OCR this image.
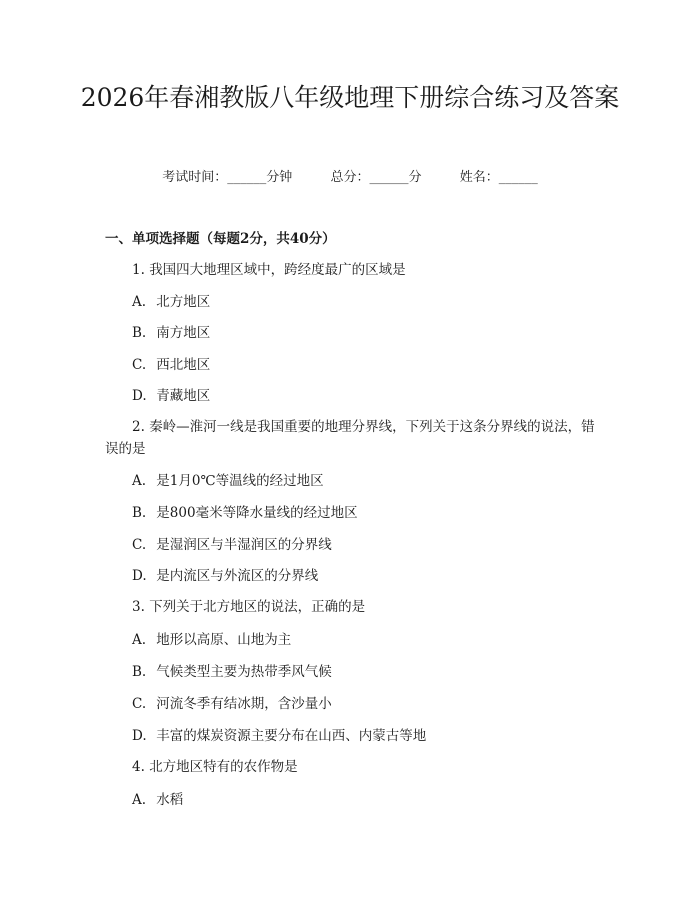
2026年春湘教版八年级地理下册综合练习及答案
考试时间：______分钟	总分：______分	姓名：______
一、单项选择题（每题2分，共40分）

1. 我国四大地理区域中，跨经度最广的区域是

A. 北方地区

B. 南方地区

C. 西北地区

D. 青藏地区

2. 秦岭—淮河一线是我国重要的地理分界线，下列关于这条分界线的说法，错误的是

A. 是1月0℃等温线的经过地区

B. 是800毫米等降水量线的经过地区

C. 是湿润区与半湿润区的分界线

D. 是内流区与外流区的分界线

3. 下列关于北方地区的说法，正确的是

A. 地形以高原、山地为主

B. 气候类型主要为热带季风气候

C. 河流冬季有结冰期，含沙量小

D. 丰富的煤炭资源主要分布在山西、内蒙古等地

4. 北方地区特有的农作物是

A. 水稻
